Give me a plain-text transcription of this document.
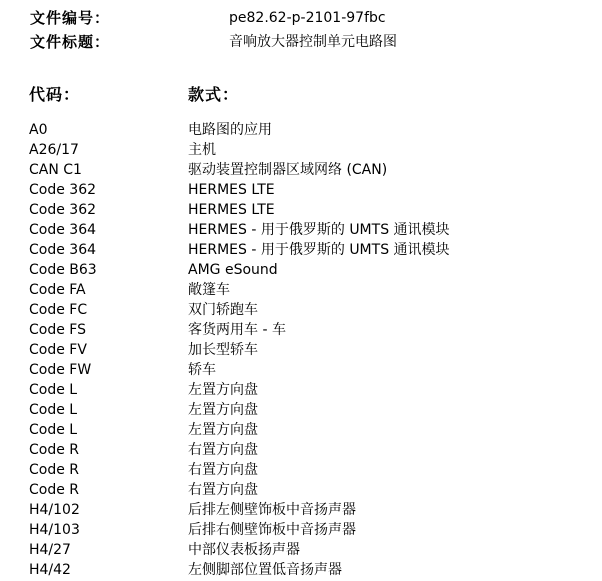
文件编号：	pe82.62-p-2101-97fbc
文件标题：	音响放大器控制单元电路图
代码：	款式：
A0	电路图的应用
A26/17	主机
CAN C1	驱动装置控制器区域网络 (CAN)
Code 362	HERMES LTE
Code 362	HERMES LTE
Code 364	HERMES - 用于俄罗斯的 UMTS 通讯模块
Code 364	HERMES - 用于俄罗斯的 UMTS 通讯模块
Code B63	AMG eSound
Code FA	敞篷车
Code FC	双门轿跑车
Code FS	客货两用车 - 车
Code FV	加长型轿车
Code FW	轿车
Code L	左置方向盘
Code L	左置方向盘
Code L	左置方向盘
Code R	右置方向盘
Code R	右置方向盘
Code R	右置方向盘
H4/102	后排左侧壁饰板中音扬声器
H4/103	后排右侧壁饰板中音扬声器
H4/27	中部仪表板扬声器
H4/42	左侧脚部位置低音扬声器
